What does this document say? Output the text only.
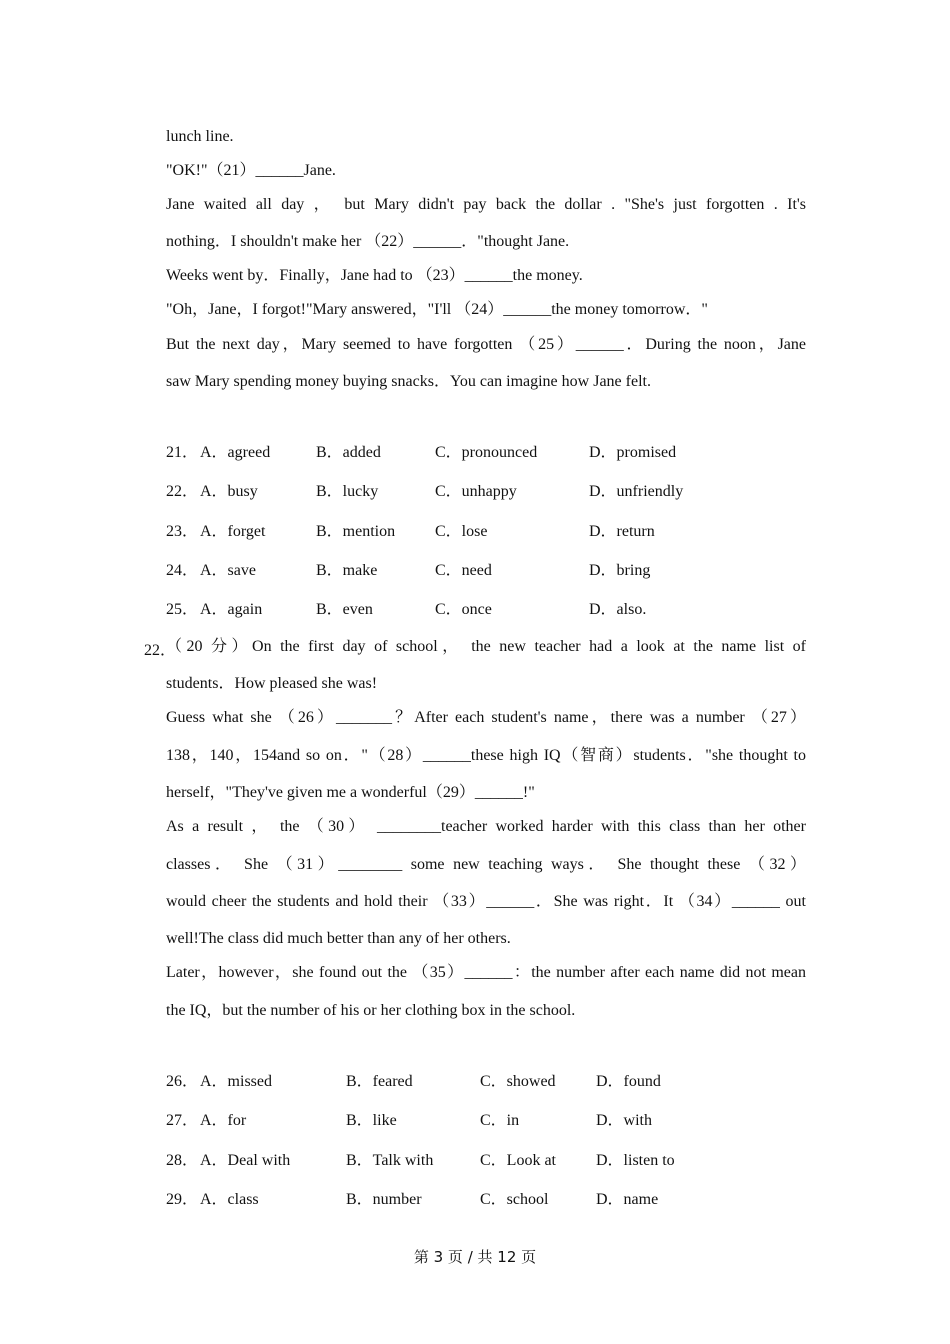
lunch line.

"OK!"（21）______Jane.

Jane waited all day ， but Mary didn't pay back the dollar . "She's just forgotten . It's

nothing．I shouldn't make her （22）______．"thought Jane.

Weeks went by．Finally，Jane had to （23）______the money.

"Oh，Jane，I forgot!"Mary answered，"I'll （24）______the money tomorrow．"

But the next day，Mary seemed to have forgotten （25）______．During the noon，Jane

saw Mary spending money buying snacks．You can imagine how Jane felt.

21． A．agreed	B．added	C．pronounced	D．promised
22． A．busy	B．lucky	C．unhappy	D．unfriendly
23． A．forget	B．mention C．lose	D．return
24． A．save	B．make	C．need	D．bring
25． A．again	B．even	C．once	D．also.
22．

（20 分）On the first day of school， the new teacher had a look at the name list of

students．How pleased she was!

Guess what she （26）_______？After each student's name，there was a number （27）

138，140，154and so on．"（28）______these high IQ（智商）students．"she thought to

herself，"They've given me a wonderful（29）______!"

As a result ， the （30） ________teacher worked harder with this class than her other

classes． She （31）________ some new teaching ways． She thought these （32）

would cheer the students and hold their （33）______．She was right．It （34）______ out

well!The class did much better than any of her others.

Later，however，she found out the （35）______：the number after each name did not mean

the IQ，but the number of his or her clothing box in the school.

26． A．missed	B．feared	C．showed	D．found
27． A．for	B．like	C．in	D．with
28． A．Deal with	B．Talk with	C．Look at	D．listen to
29． A．class	B．number	C．school	D．name
第 3 页 / 共 12 页
